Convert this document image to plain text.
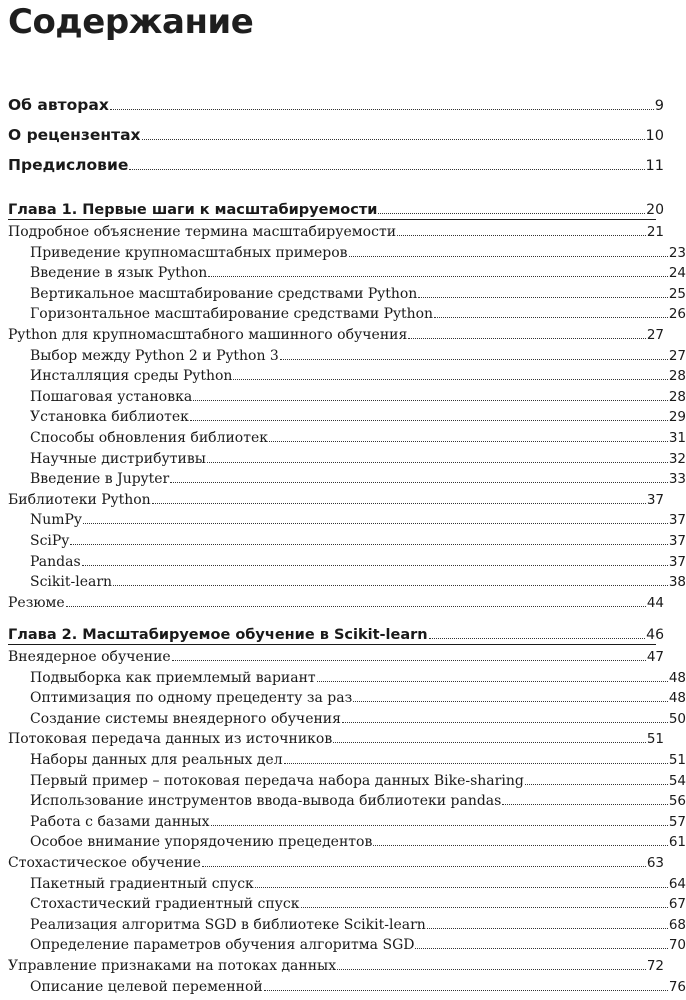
Содержание
Об авторах	9
О рецензентах	10
Предисловие	11
Глава 1. Первые шаги к масштабируемости	20
Подробное объяснение термина масштабируемости	21
Приведение крупномасштабных примеров	23
Введение в язык Python	24
Вертикальное масштабирование средствами Python	25
Горизонтальное масштабирование средствами Python	26
Python для крупномасштабного машинного обучения	27
Выбор между Python 2 и Python 3	27
Инсталляция среды Python	28
Пошаговая установка	28
Установка библиотек	29
Способы обновления библиотек	31
Научные дистрибутивы	32
Введение в Jupyter	33
Библиотеки Python	37
NumPy	37
SciPy	37
Pandas	37
Scikit-learn	38
Резюме	44
Глава 2. Масштабируемое обучение в Scikit-learn	46
Внеядерное обучение	47
Подвыборка как приемлемый вариант	48
Оптимизация по одному прецеденту за раз	48
Создание системы внеядерного обучения	50
Потоковая передача данных из источников	51
Наборы данных для реальных дел	51
Первый пример – потоковая передача набора данных Bike-sharing	54
Использование инструментов ввода-вывода библиотеки pandas	56
Работа с базами данных	57
Особое внимание упорядочению прецедентов	61
Стохастическое обучение	63
Пакетный градиентный спуск	64
Стохастический градиентный спуск	67
Реализация алгоритма SGD в библиотеке Scikit-learn	68
Определение параметров обучения алгоритма SGD	70
Управление признаками на потоках данных	72
Описание целевой переменной	76
